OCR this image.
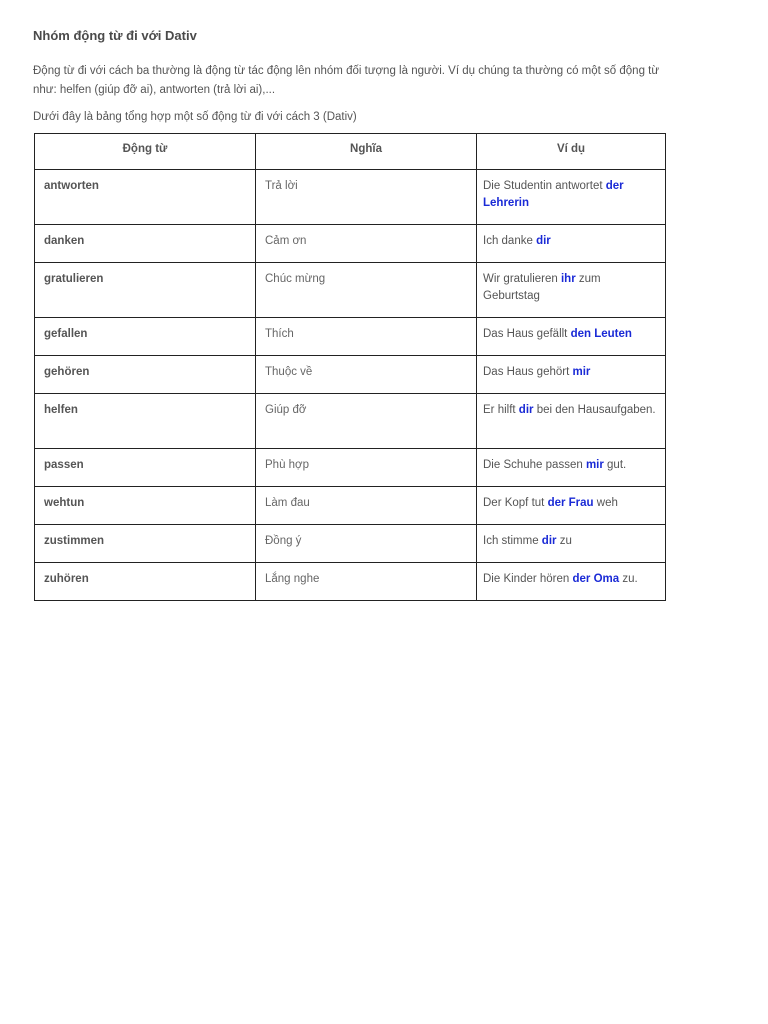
Nhóm động từ đi với Dativ

Động từ đi với cách ba thường là động từ tác động lên nhóm đối tượng là người. Ví dụ chúng ta thường có một số động từ như: helfen (giúp đỡ ai), antworten (trả lời ai),...

Dưới đây là bảng tổng hợp một số động từ đi với cách 3 (Dativ)

Động từ	Nghĩa	Ví dụ
antworten	Trả lời	Die Studentin antwortet der Lehrerin
danken	Cảm ơn	Ich danke dir
gratulieren	Chúc mừng	Wir gratulieren ihr zum Geburtstag
gefallen	Thích	Das Haus gefällt den Leuten
gehören	Thuộc về	Das Haus gehört mir
helfen	Giúp đỡ	Er hilft dir bei den Hausaufgaben.
passen	Phù hợp	Die Schuhe passen mir gut.
wehtun	Làm đau	Der Kopf tut der Frau weh
zustimmen	Đồng ý	Ich stimme dir zu
zuhören	Lắng nghe	Die Kinder hören der Oma zu.
